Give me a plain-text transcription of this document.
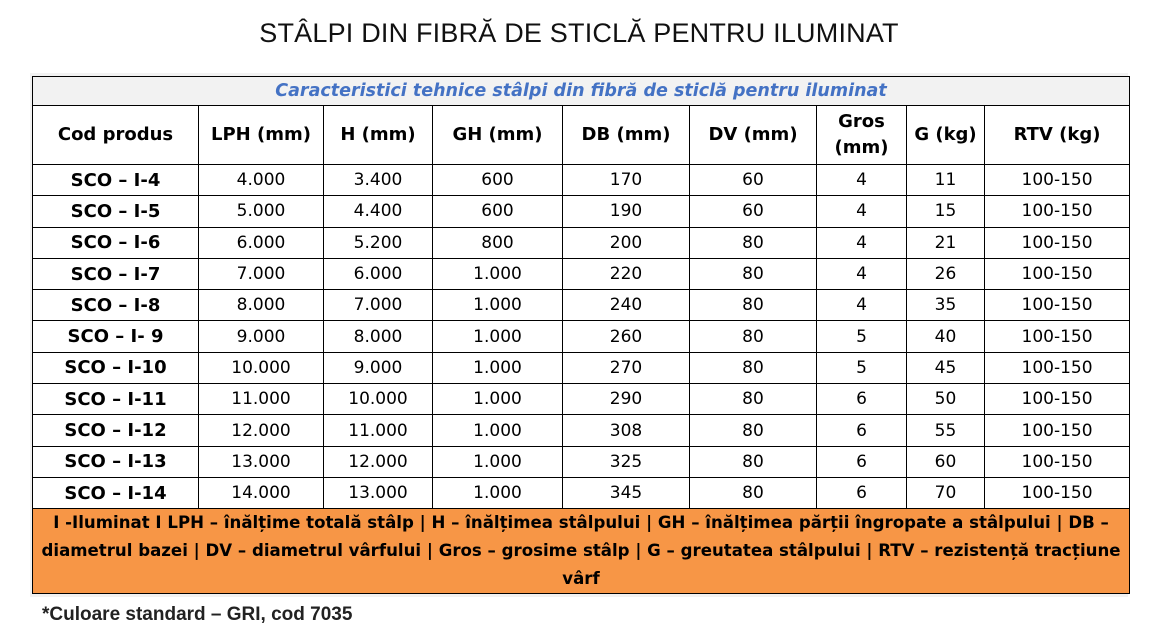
STÂLPI DIN FIBRĂ DE STICLĂ PENTRU ILUMINAT
Caracteristici tehnice stâlpi din fibră de sticlă pentru iluminat								
Cod produs	LPH (mm)	H (mm)	GH (mm)	DB (mm)	DV (mm)	Gros (mm)	G (kg)	RTV (kg)
SCO – I-4	4.000	3.400	600	170	60	4	11	100-150
SCO – I-5	5.000	4.400	600	190	60	4	15	100-150
SCO – I-6	6.000	5.200	800	200	80	4	21	100-150
SCO – I-7	7.000	6.000	1.000	220	80	4	26	100-150
SCO – I-8	8.000	7.000	1.000	240	80	4	35	100-150
SCO – I- 9	9.000	8.000	1.000	260	80	5	40	100-150
SCO – I-10	10.000	9.000	1.000	270	80	5	45	100-150
SCO – I-11	11.000	10.000	1.000	290	80	6	50	100-150
SCO – I-12	12.000	11.000	1.000	308	80	6	55	100-150
SCO – I-13	13.000	12.000	1.000	325	80	6	60	100-150
SCO – I-14	14.000	13.000	1.000	345	80	6	70	100-150
I -Iluminat I LPH – înălțime totală stâlp | H – înălțimea stâlpului | GH – înălțimea părții îngropate a stâlpului | DB – diametrul bazei | DV – diametrul vârfului | Gros – grosime stâlp | G – greutatea stâlpului | RTV – rezistență tracțiune vârf								
*Culoare standard – GRI, cod 7035
